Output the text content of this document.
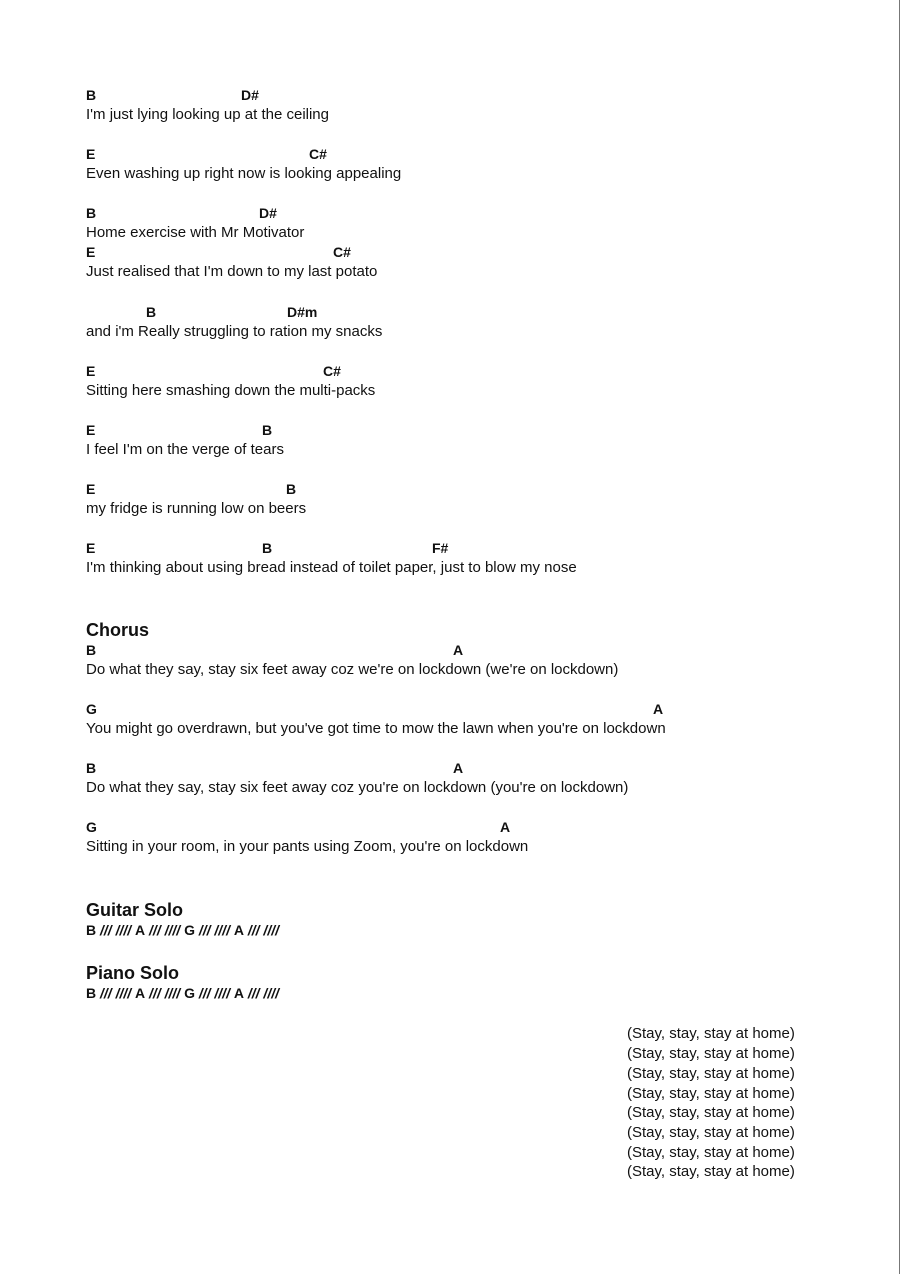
B	D#
I'm just lying looking up at the ceiling
E	C#
Even washing up right now is looking appealing
B	D#
Home exercise with Mr Motivator
E	C#
Just realised that I'm down to my last potato
B	D#m
and i'm Really struggling to ration my snacks
E	C#
Sitting here smashing down the multi-packs
E	B
I feel I'm on the verge of tears
E	B
my fridge is running low on beers
E	B	F#
I'm thinking about using bread instead of toilet paper, just to blow my nose
Chorus
B	A
Do what they say, stay six feet away coz we're on lockdown (we're on lockdown)
G	A
You might go overdrawn, but you've got time to mow the lawn when you're on lockdown
B	A
Do what they say, stay six feet away coz you're on lockdown (you're on lockdown)
G	A
Sitting in your room, in your pants using Zoom, you're on lockdown
Guitar Solo
B /// //// A /// //// G /// //// A /// ////
Piano Solo
B /// //// A /// //// G /// //// A /// ////
(Stay, stay, stay at home)
(Stay, stay, stay at home)
(Stay, stay, stay at home)
(Stay, stay, stay at home)
(Stay, stay, stay at home)
(Stay, stay, stay at home)
(Stay, stay, stay at home)
(Stay, stay, stay at home)
